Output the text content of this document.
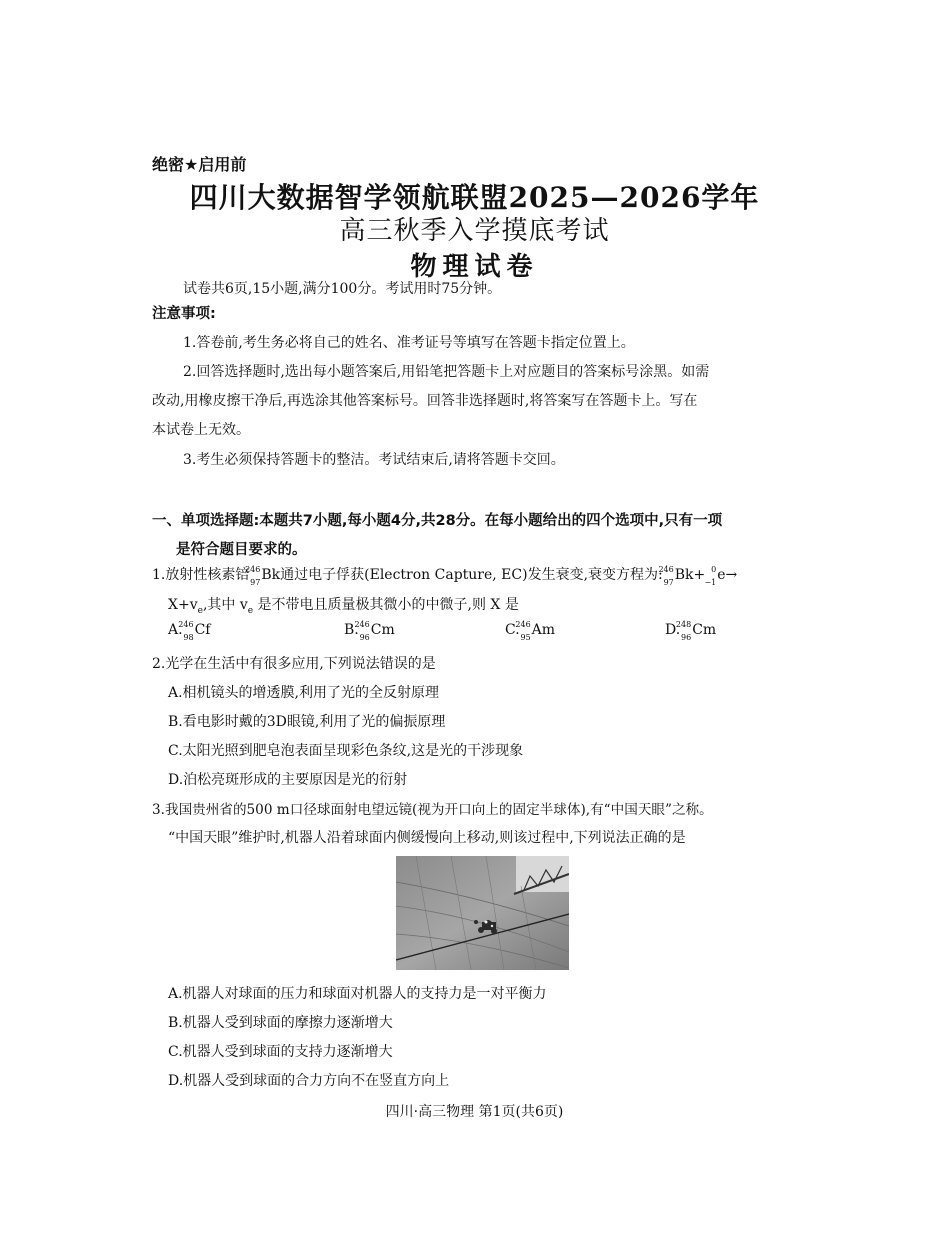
绝密★启用前
四川大数据智学领航联盟2025—2026学年
高三秋季入学摸底考试
物理试卷
试卷共6页,15小题,满分100分。考试用时75分钟。
注意事项:
1.答卷前,考生务必将自己的姓名、准考证号等填写在答题卡指定位置上。
2.回答选择题时,选出每小题答案后,用铅笔把答题卡上对应题目的答案标号涂黑。如需
改动,用橡皮擦干净后,再选涂其他答案标号。回答非选择题时,将答案写在答题卡上。写在
本试卷上无效。
3.考生必须保持答题卡的整洁。考试结束后,请将答题卡交回。
一、单项选择题:本题共7小题,每小题4分,共28分。在每小题给出的四个选项中,只有一项
是符合题目要求的。
1.放射性核素锫
246
97 Bk通过电子俘获(Electron Capture, EC)发生衰变,衰变方程为:
246
97 Bk+ 0
−1 e→
$X+v_e$,其中 $v_e$ 是不带电且质量极其微小的中微子,则 X 是
A.
246
98 Cf	B.
246
96 Cm	C.
246
95 Am	D.
248
96 Cm
2.光学在生活中有很多应用,下列说法错误的是
A.相机镜头的增透膜,利用了光的全反射原理
B.看电影时戴的3D眼镜,利用了光的偏振原理
C.太阳光照到肥皂泡表面呈现彩色条纹,这是光的干涉现象
D.泊松亮斑形成的主要原因是光的衍射
3.我国贵州省的500 m口径球面射电望远镜(视为开口向上的固定半球体),有“中国天眼”之称。
“中国天眼”维护时,机器人沿着球面内侧缓慢向上移动,则该过程中,下列说法正确的是
A.机器人对球面的压力和球面对机器人的支持力是一对平衡力
B.机器人受到球面的摩擦力逐渐增大
C.机器人受到球面的支持力逐渐增大
D.机器人受到球面的合力方向不在竖直方向上
四川·高三物理 第1页(共6页)
